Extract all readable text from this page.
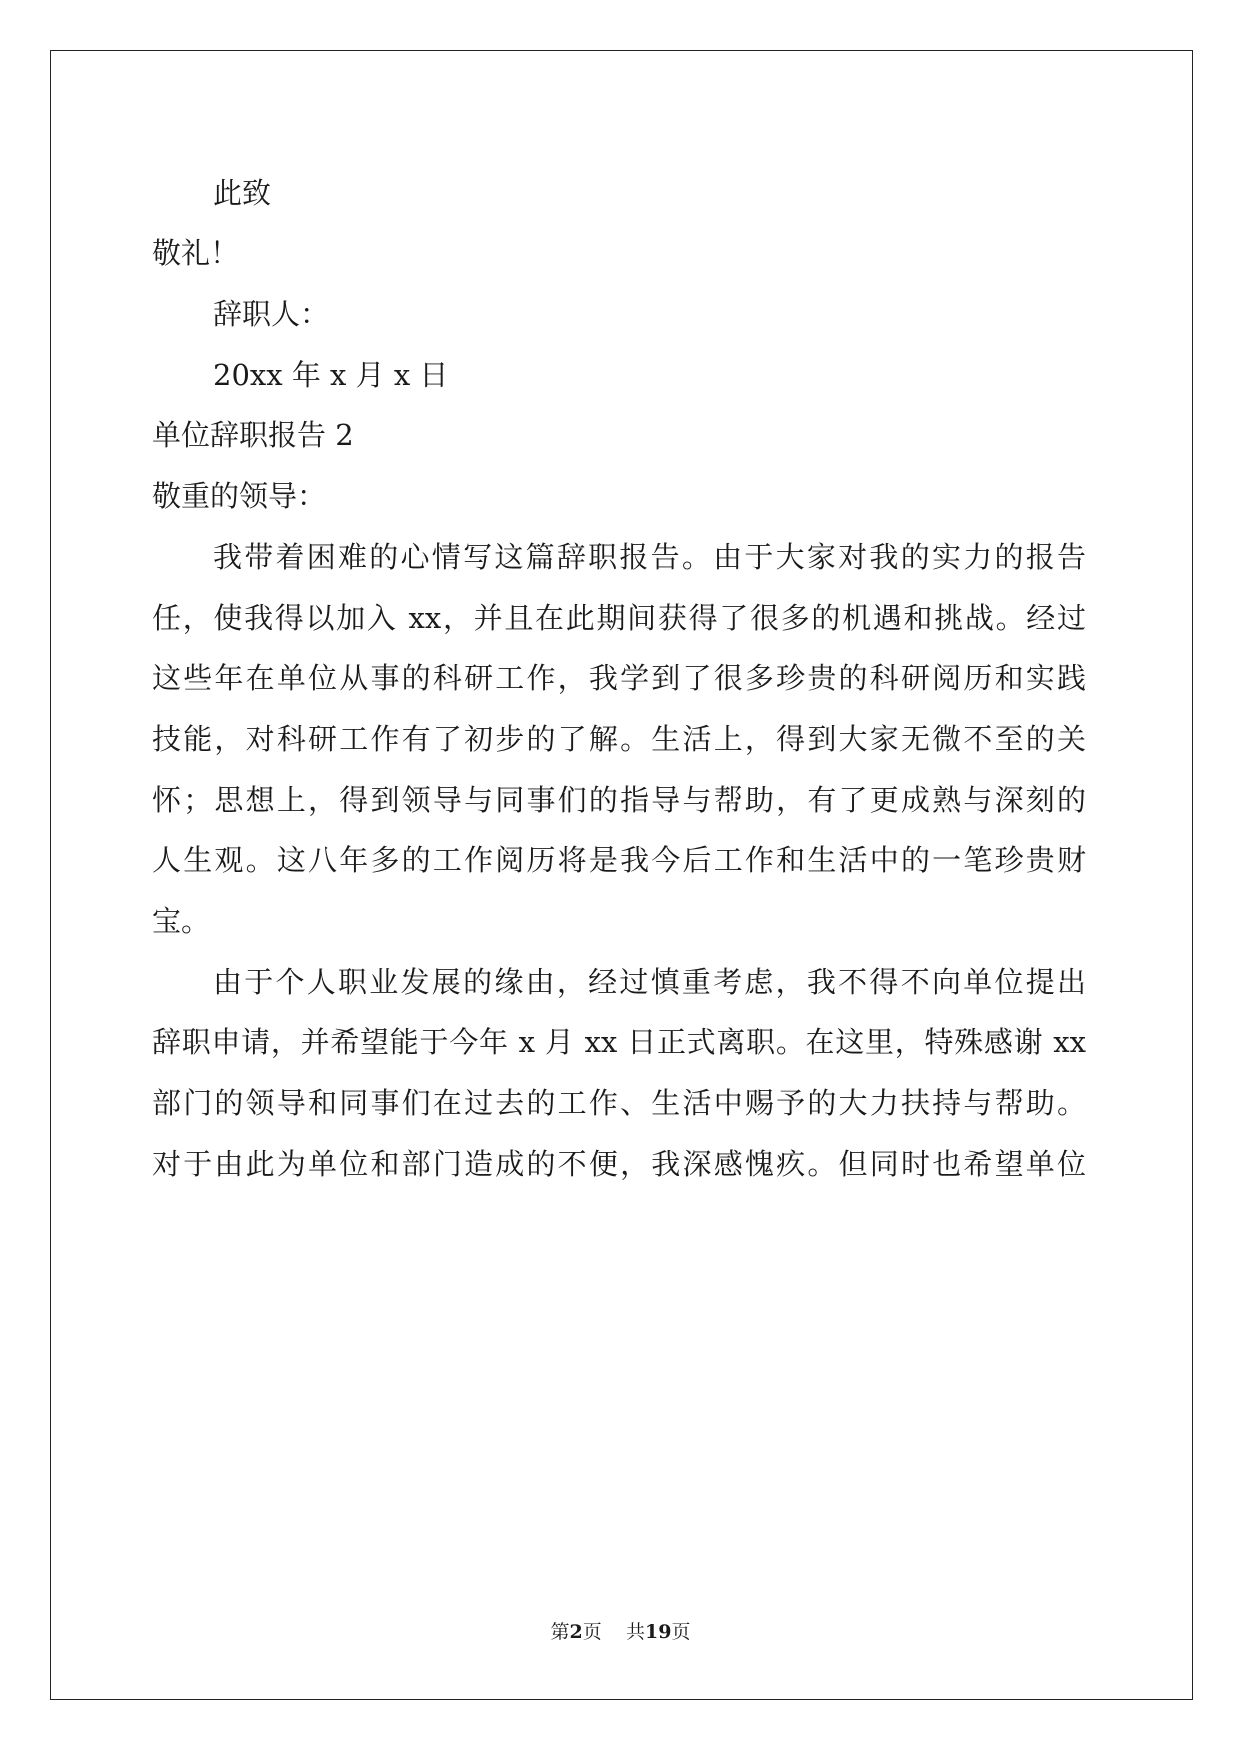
此致
敬礼！
辞职人：
20xx 年 x 月 x 日
单位辞职报告 2
敬重的领导：
我带着困难的心情写这篇辞职报告。由于大家对我的实力的报告
任，使我得以加入 xx，并且在此期间获得了很多的机遇和挑战。经过
这些年在单位从事的科研工作，我学到了很多珍贵的科研阅历和实践
技能，对科研工作有了初步的了解。生活上，得到大家无微不至的关
怀；思想上，得到领导与同事们的指导与帮助，有了更成熟与深刻的
人生观。这八年多的工作阅历将是我今后工作和生活中的一笔珍贵财
宝。
由于个人职业发展的缘由，经过慎重考虑，我不得不向单位提出
辞职申请，并希望能于今年 x 月 xx 日正式离职。在这里，特殊感谢 xx
部门的领导和同事们在过去的工作、生活中赐予的大力扶持与帮助。
对于由此为单位和部门造成的不便，我深感愧疚。但同时也希望单位
第2页 共19页
